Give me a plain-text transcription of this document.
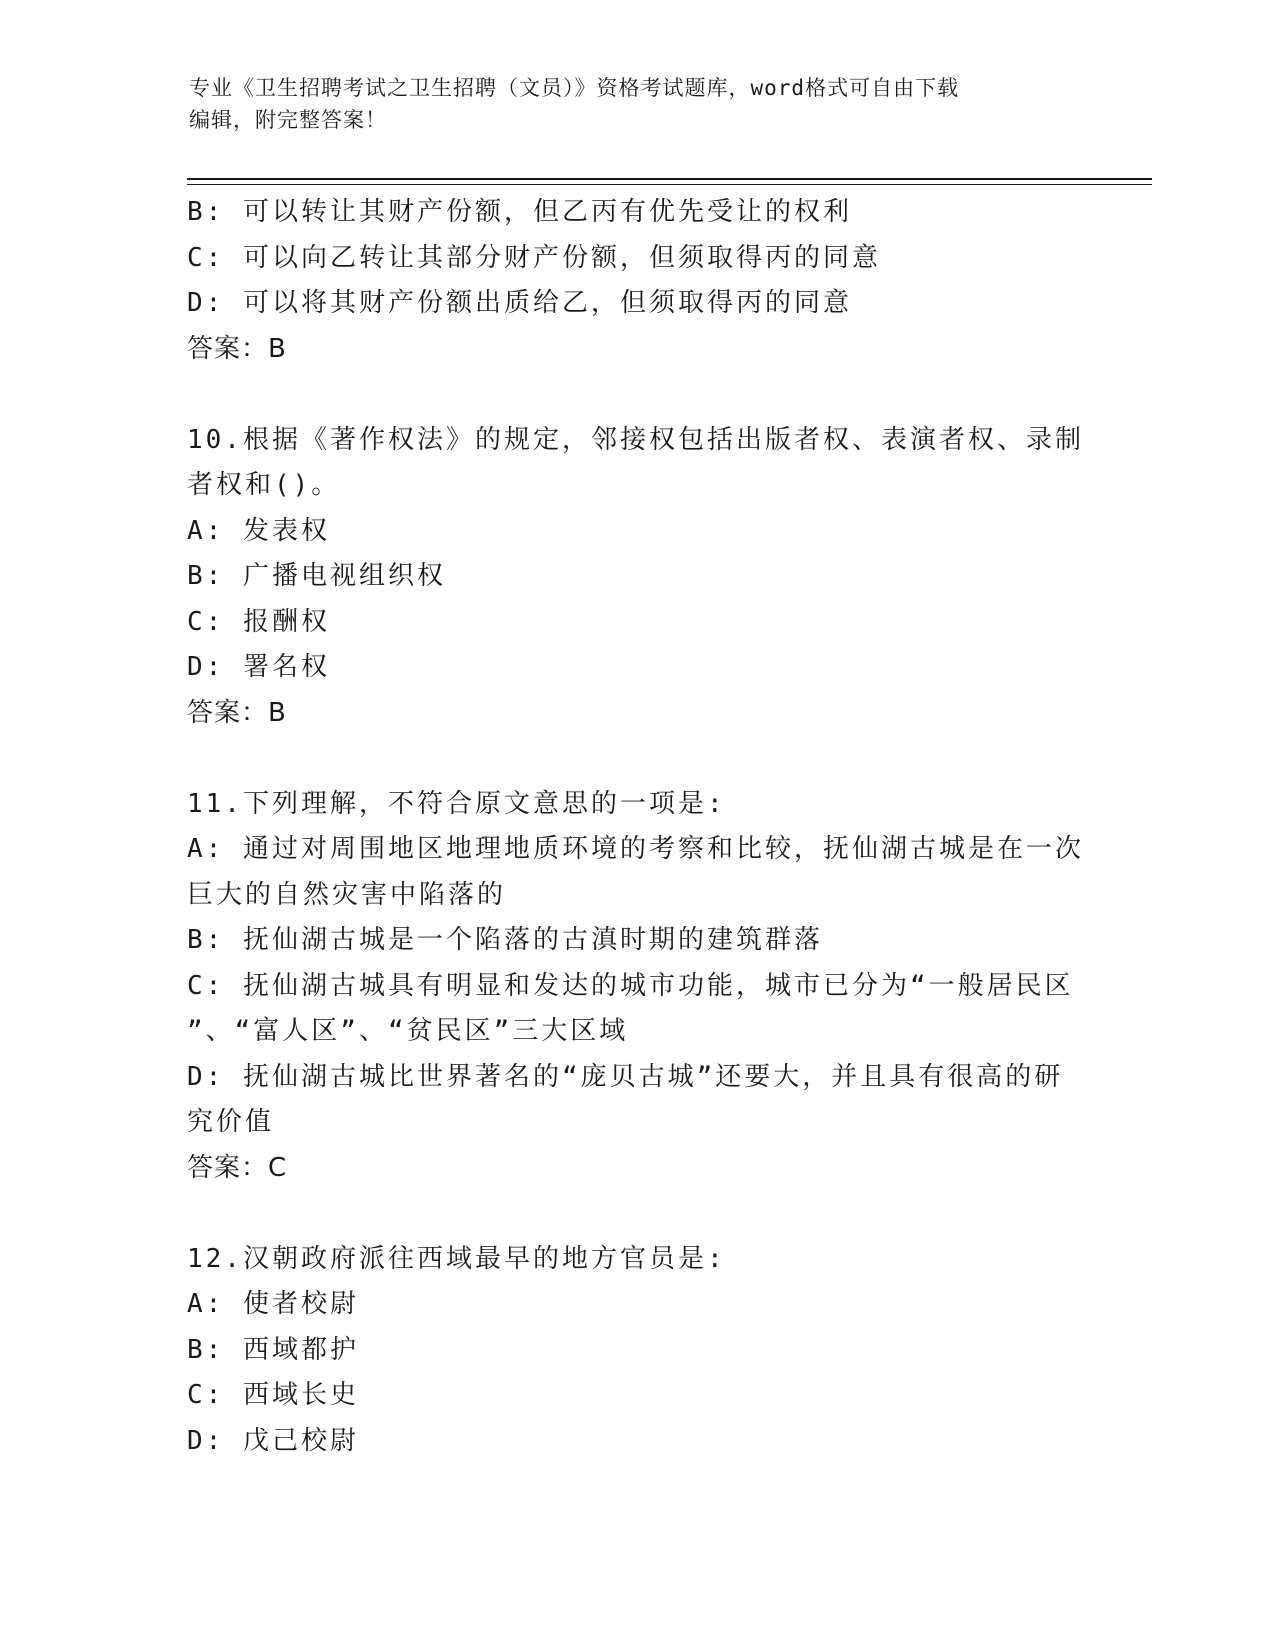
专业《卫生招聘考试之卫生招聘（文员）》资格考试题库，word格式可自由下载
编辑，附完整答案！
B: 可以转让其财产份额，但乙丙有优先受让的权利
C: 可以向乙转让其部分财产份额，但须取得丙的同意
D: 可以将其财产份额出质给乙，但须取得丙的同意
答案：B
10.根据《著作权法》的规定，邻接权包括出版者权、表演者权、录制
者权和()。
A: 发表权
B: 广播电视组织权
C: 报酬权
D: 署名权
答案：B
11.下列理解，不符合原文意思的一项是:
A: 通过对周围地区地理地质环境的考察和比较，抚仙湖古城是在一次
巨大的自然灾害中陷落的
B: 抚仙湖古城是一个陷落的古滇时期的建筑群落
C: 抚仙湖古城具有明显和发达的城市功能，城市已分为“一般居民区
”、“富人区”、“贫民区”三大区域
D: 抚仙湖古城比世界著名的“庞贝古城”还要大，并且具有很高的研
究价值
答案：C
12.汉朝政府派往西域最早的地方官员是:
A: 使者校尉
B: 西域都护
C: 西域长史
D: 戊己校尉
